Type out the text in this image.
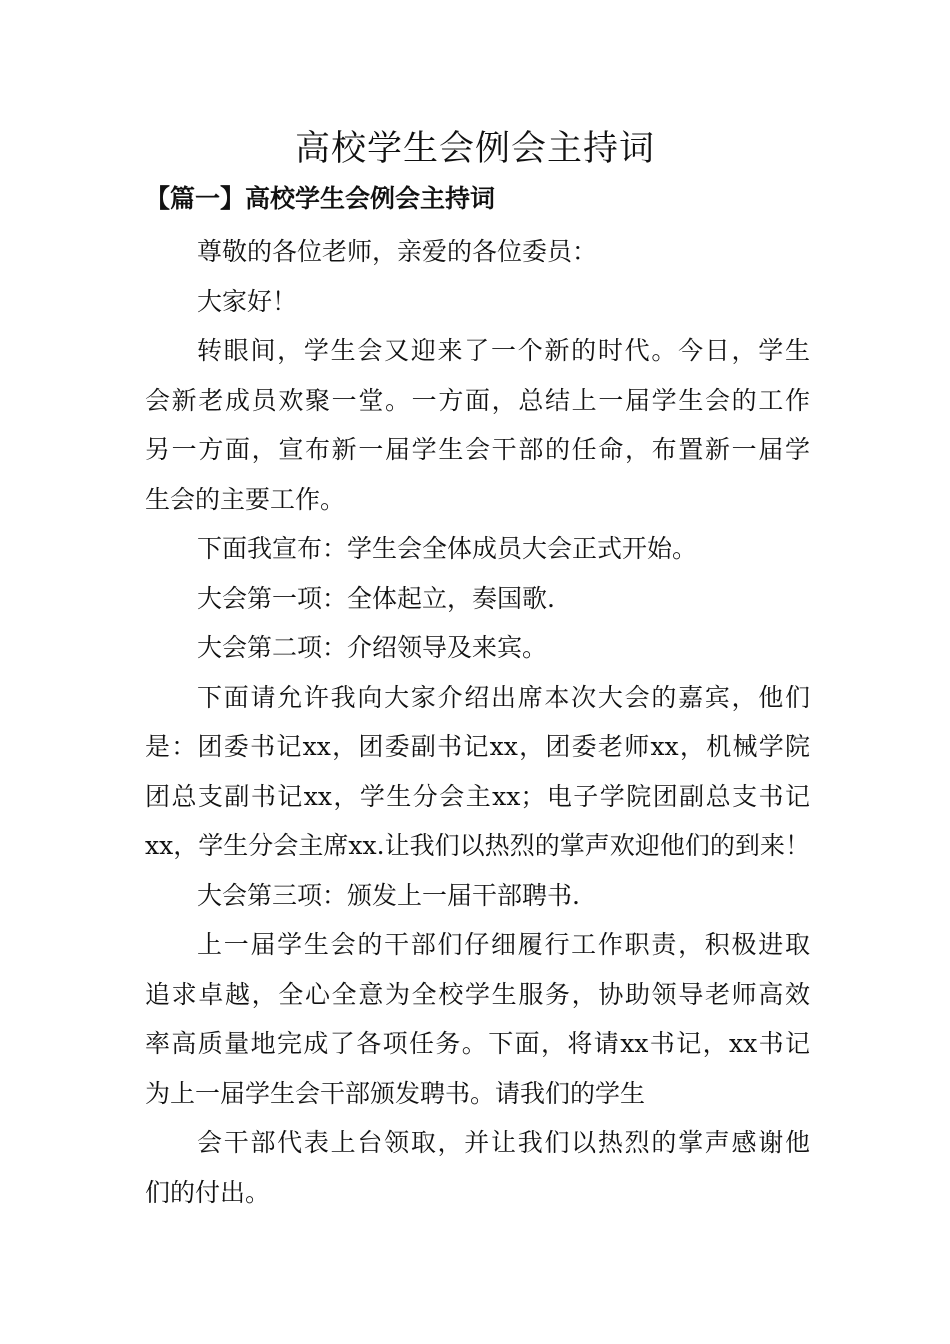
高校学生会例会主持词
【篇一】高校学生会例会主持词

尊敬的各位老师，亲爱的各位委员：

大家好！

转眼间，学生会又迎来了一个新的时代。今日，学生
会新老成员欢聚一堂。一方面，总结上一届学生会的工作
另一方面，宣布新一届学生会干部的任命，布置新一届学
生会的主要工作。

下面我宣布：学生会全体成员大会正式开始。

大会第一项：全体起立，奏国歌.

大会第二项：介绍领导及来宾。

下面请允许我向大家介绍出席本次大会的嘉宾，他们
是：团委书记xx，团委副书记xx，团委老师xx，机械学院
团总支副书记xx，学生分会主xx；电子学院团副总支书记
xx，学生分会主席xx.让我们以热烈的掌声欢迎他们的到来！

大会第三项：颁发上一届干部聘书.

上一届学生会的干部们仔细履行工作职责，积极进取
追求卓越，全心全意为全校学生服务，协助领导老师高效
率高质量地完成了各项任务。下面，将请xx书记，xx书记
为上一届学生会干部颁发聘书。请我们的学生

会干部代表上台领取，并让我们以热烈的掌声感谢他
们的付出。
